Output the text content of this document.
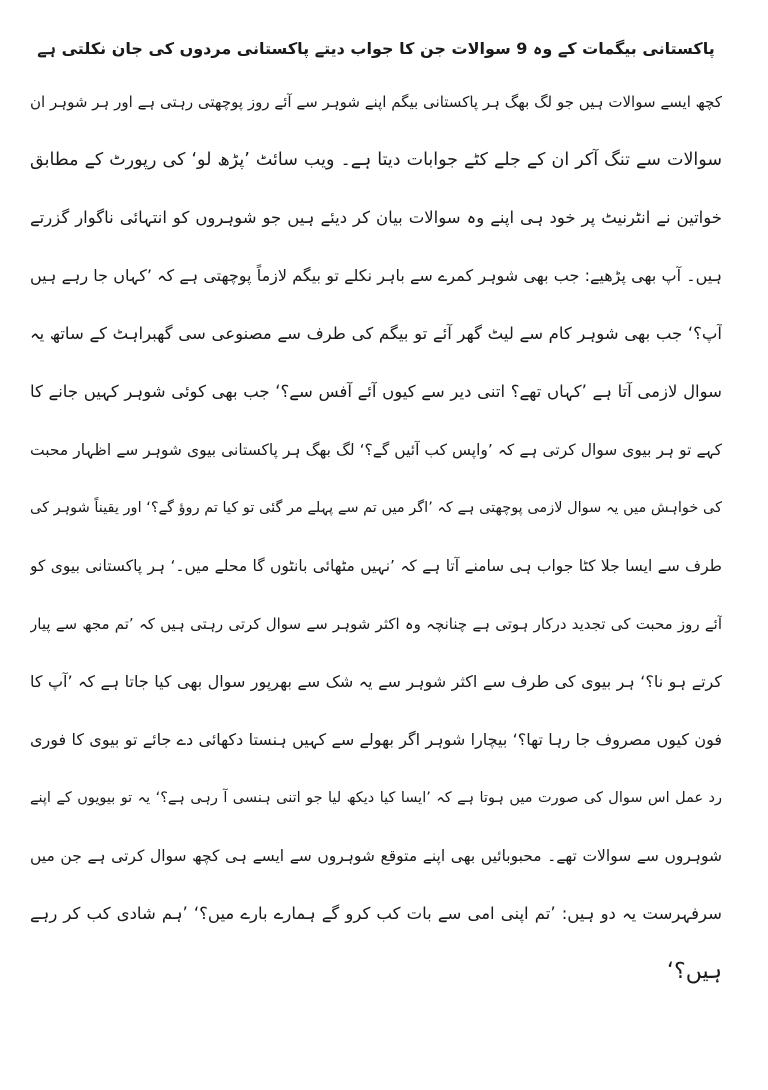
پاکستانی بیگمات کے وہ 9 سوالات جن کا جواب دیتے پاکستانی مردوں کی جان نکلتی ہے
کچھ ایسے سوالات ہیں جو لگ بھگ ہر پاکستانی بیگم اپنے شوہر سے آئے روز پوچھتی رہتی ہے اور ہر شوہر ان
سوالات سے تنگ آکر ان کے جلے کٹے جوابات دیتا ہے۔ ویب سائٹ ’پڑھ لو‘ کی رپورٹ کے مطابق
خواتین نے انٹرنیٹ پر خود ہی اپنے وہ سوالات بیان کر دیئے ہیں جو شوہروں کو انتہائی ناگوار گزرتے
ہیں۔ آپ بھی پڑھیے: جب بھی شوہر کمرے سے باہر نکلے تو بیگم لازماً پوچھتی ہے کہ ’کہاں جا رہے ہیں
آپ؟‘ جب بھی شوہر کام سے لیٹ گھر آئے تو بیگم کی طرف سے مصنوعی سی گھبراہٹ کے ساتھ یہ
سوال لازمی آتا ہے ’کہاں تھے؟ اتنی دیر سے کیوں آئے آفس سے؟‘ جب بھی کوئی شوہر کہیں جانے کا
کہے تو ہر بیوی سوال کرتی ہے کہ ’واپس کب آئیں گے؟‘ لگ بھگ ہر پاکستانی بیوی شوہر سے اظہار محبت
کی خواہش میں یہ سوال لازمی پوچھتی ہے کہ ’اگر میں تم سے پہلے مر گئی تو کیا تم روؤ گے؟‘ اور یقیناً شوہر کی
طرف سے ایسا جلا کٹا جواب ہی سامنے آتا ہے کہ ’نہیں مٹھائی بانٹوں گا محلے میں۔‘ ہر پاکستانی بیوی کو
آئے روز محبت کی تجدید درکار ہوتی ہے چنانچہ وہ اکثر شوہر سے سوال کرتی رہتی ہیں کہ ’تم مجھ سے پیار
کرتے ہو نا؟‘ ہر بیوی کی طرف سے اکثر شوہر سے یہ شک سے بھرپور سوال بھی کیا جاتا ہے کہ ’آپ کا
فون کیوں مصروف جا رہا تھا؟‘ بیچارا شوہر اگر بھولے سے کہیں ہنستا دکھائی دے جائے تو بیوی کا فوری
رد عمل اس سوال کی صورت میں ہوتا ہے کہ ’ایسا کیا دیکھ لیا جو اتنی ہنسی آ رہی ہے؟‘ یہ تو بیویوں کے اپنے
شوہروں سے سوالات تھے۔ محبوبائیں بھی اپنے متوقع شوہروں سے ایسے ہی کچھ سوال کرتی ہے جن میں
سرفہرست یہ دو ہیں: ’تم اپنی امی سے بات کب کرو گے ہمارے بارے میں؟‘ ’ہم شادی کب کر رہے
ہیں؟‘
